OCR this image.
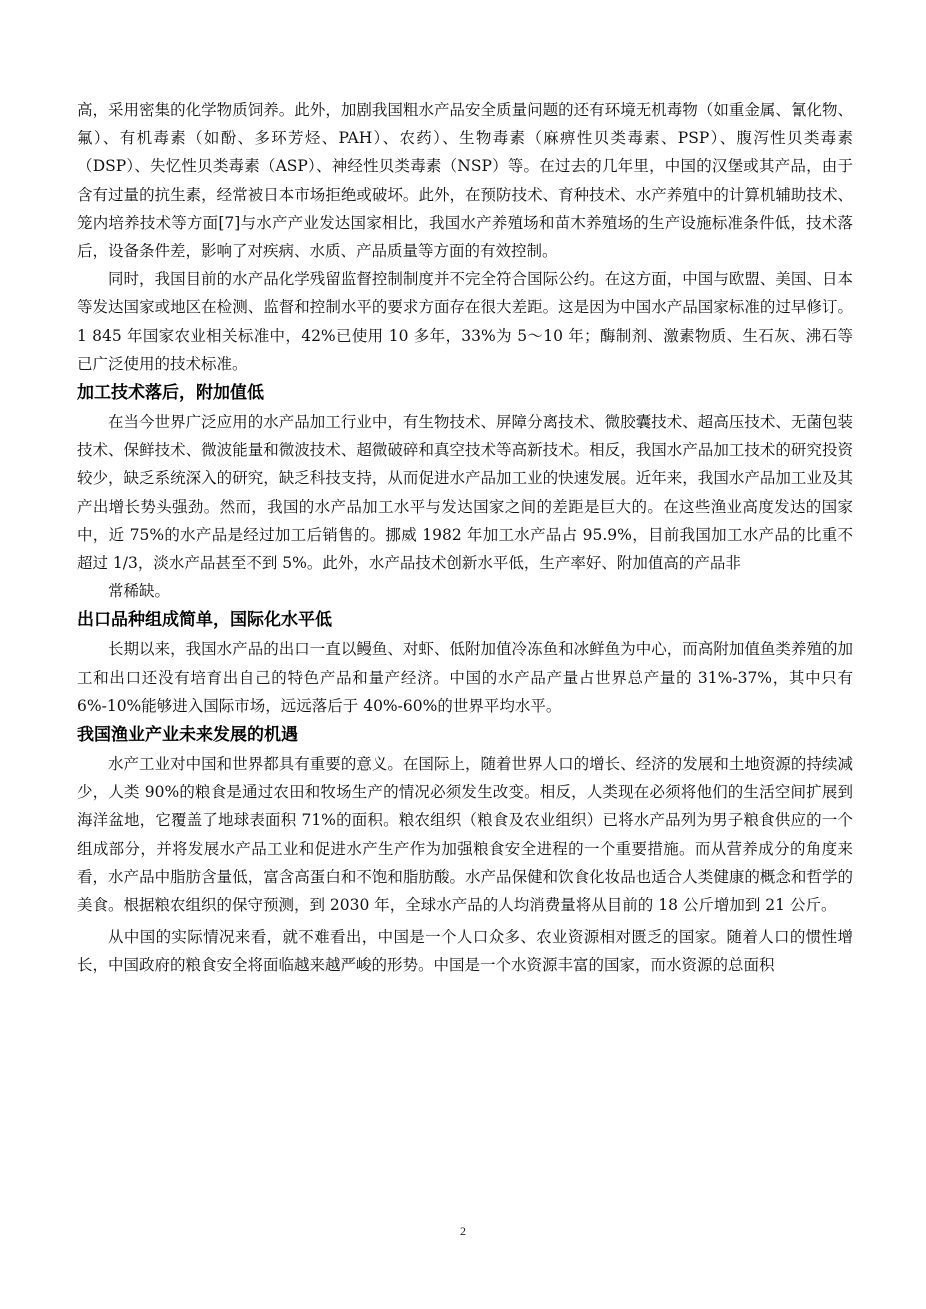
高，采用密集的化学物质饲养。此外，加剧我国粗水产品安全质量问题的还有环境无机毒物（如重金属、氰化物、氟）、有机毒素（如酚、多环芳烃、PAH）、农药）、生物毒素（麻痹性贝类毒素、PSP）、腹泻性贝类毒素（DSP）、失忆性贝类毒素（ASP）、神经性贝类毒素（NSP）等。在过去的几年里，中国的汉堡或其产品，由于含有过量的抗生素，经常被日本市场拒绝或破坏。此外，在预防技术、育种技术、水产养殖中的计算机辅助技术、笼内培养技术等方面[7]与水产产业发达国家相比，我国水产养殖场和苗木养殖场的生产设施标准条件低，技术落后，设备条件差，影响了对疾病、水质、产品质量等方面的有效控制。

同时，我国目前的水产品化学残留监督控制制度并不完全符合国际公约。在这方面，中国与欧盟、美国、日本等发达国家或地区在检测、监督和控制水平的要求方面存在很大差距。这是因为中国水产品国家标准的过早修订。1 845 年国家农业相关标准中，42%已使用 10 多年，33%为 5～10 年；酶制剂、激素物质、生石灰、沸石等已广泛使用的技术标准。

加工技术落后，附加值低

在当今世界广泛应用的水产品加工行业中，有生物技术、屏障分离技术、微胶囊技术、超高压技术、无菌包装技术、保鲜技术、微波能量和微波技术、超微破碎和真空技术等高新技术。相反，我国水产品加工技术的研究投资较少，缺乏系统深入的研究，缺乏科技支持，从而促进水产品加工业的快速发展。近年来，我国水产品加工业及其产出增长势头强劲。然而，我国的水产品加工水平与发达国家之间的差距是巨大的。在这些渔业高度发达的国家中，近 75%的水产品是经过加工后销售的。挪威 1982 年加工水产品占 95.9%，目前我国加工水产品的比重不超过 1/3，淡水产品甚至不到 5%。此外，水产品技术创新水平低，生产率好、附加值高的产品非

常稀缺。

出口品种组成简单，国际化水平低

长期以来，我国水产品的出口一直以鳗鱼、对虾、低附加值冷冻鱼和冰鲜鱼为中心，而高附加值鱼类养殖的加工和出口还没有培育出自己的特色产品和量产经济。中国的水产品产量占世界总产量的 31%-37%，其中只有 6%-10%能够进入国际市场，远远落后于 40%-60%的世界平均水平。

我国渔业产业未来发展的机遇

水产工业对中国和世界都具有重要的意义。在国际上，随着世界人口的增长、经济的发展和土地资源的持续减少，人类 90%的粮食是通过农田和牧场生产的情况必须发生改变。相反，人类现在必须将他们的生活空间扩展到海洋盆地，它覆盖了地球表面积 71%的面积。粮农组织（粮食及农业组织）已将水产品列为男子粮食供应的一个组成部分，并将发展水产品工业和促进水产生产作为加强粮食安全进程的一个重要措施。而从营养成分的角度来看，水产品中脂肪含量低，富含高蛋白和不饱和脂肪酸。水产品保健和饮食化妆品也适合人类健康的概念和哲学的美食。根据粮农组织的保守预测，到 2030 年，全球水产品的人均消费量将从目前的 18 公斤增加到 21 公斤。

从中国的实际情况来看，就不难看出，中国是一个人口众多、农业资源相对匮乏的国家。随着人口的惯性增长，中国政府的粮食安全将面临越来越严峻的形势。中国是一个水资源丰富的国家，而水资源的总面积

2
